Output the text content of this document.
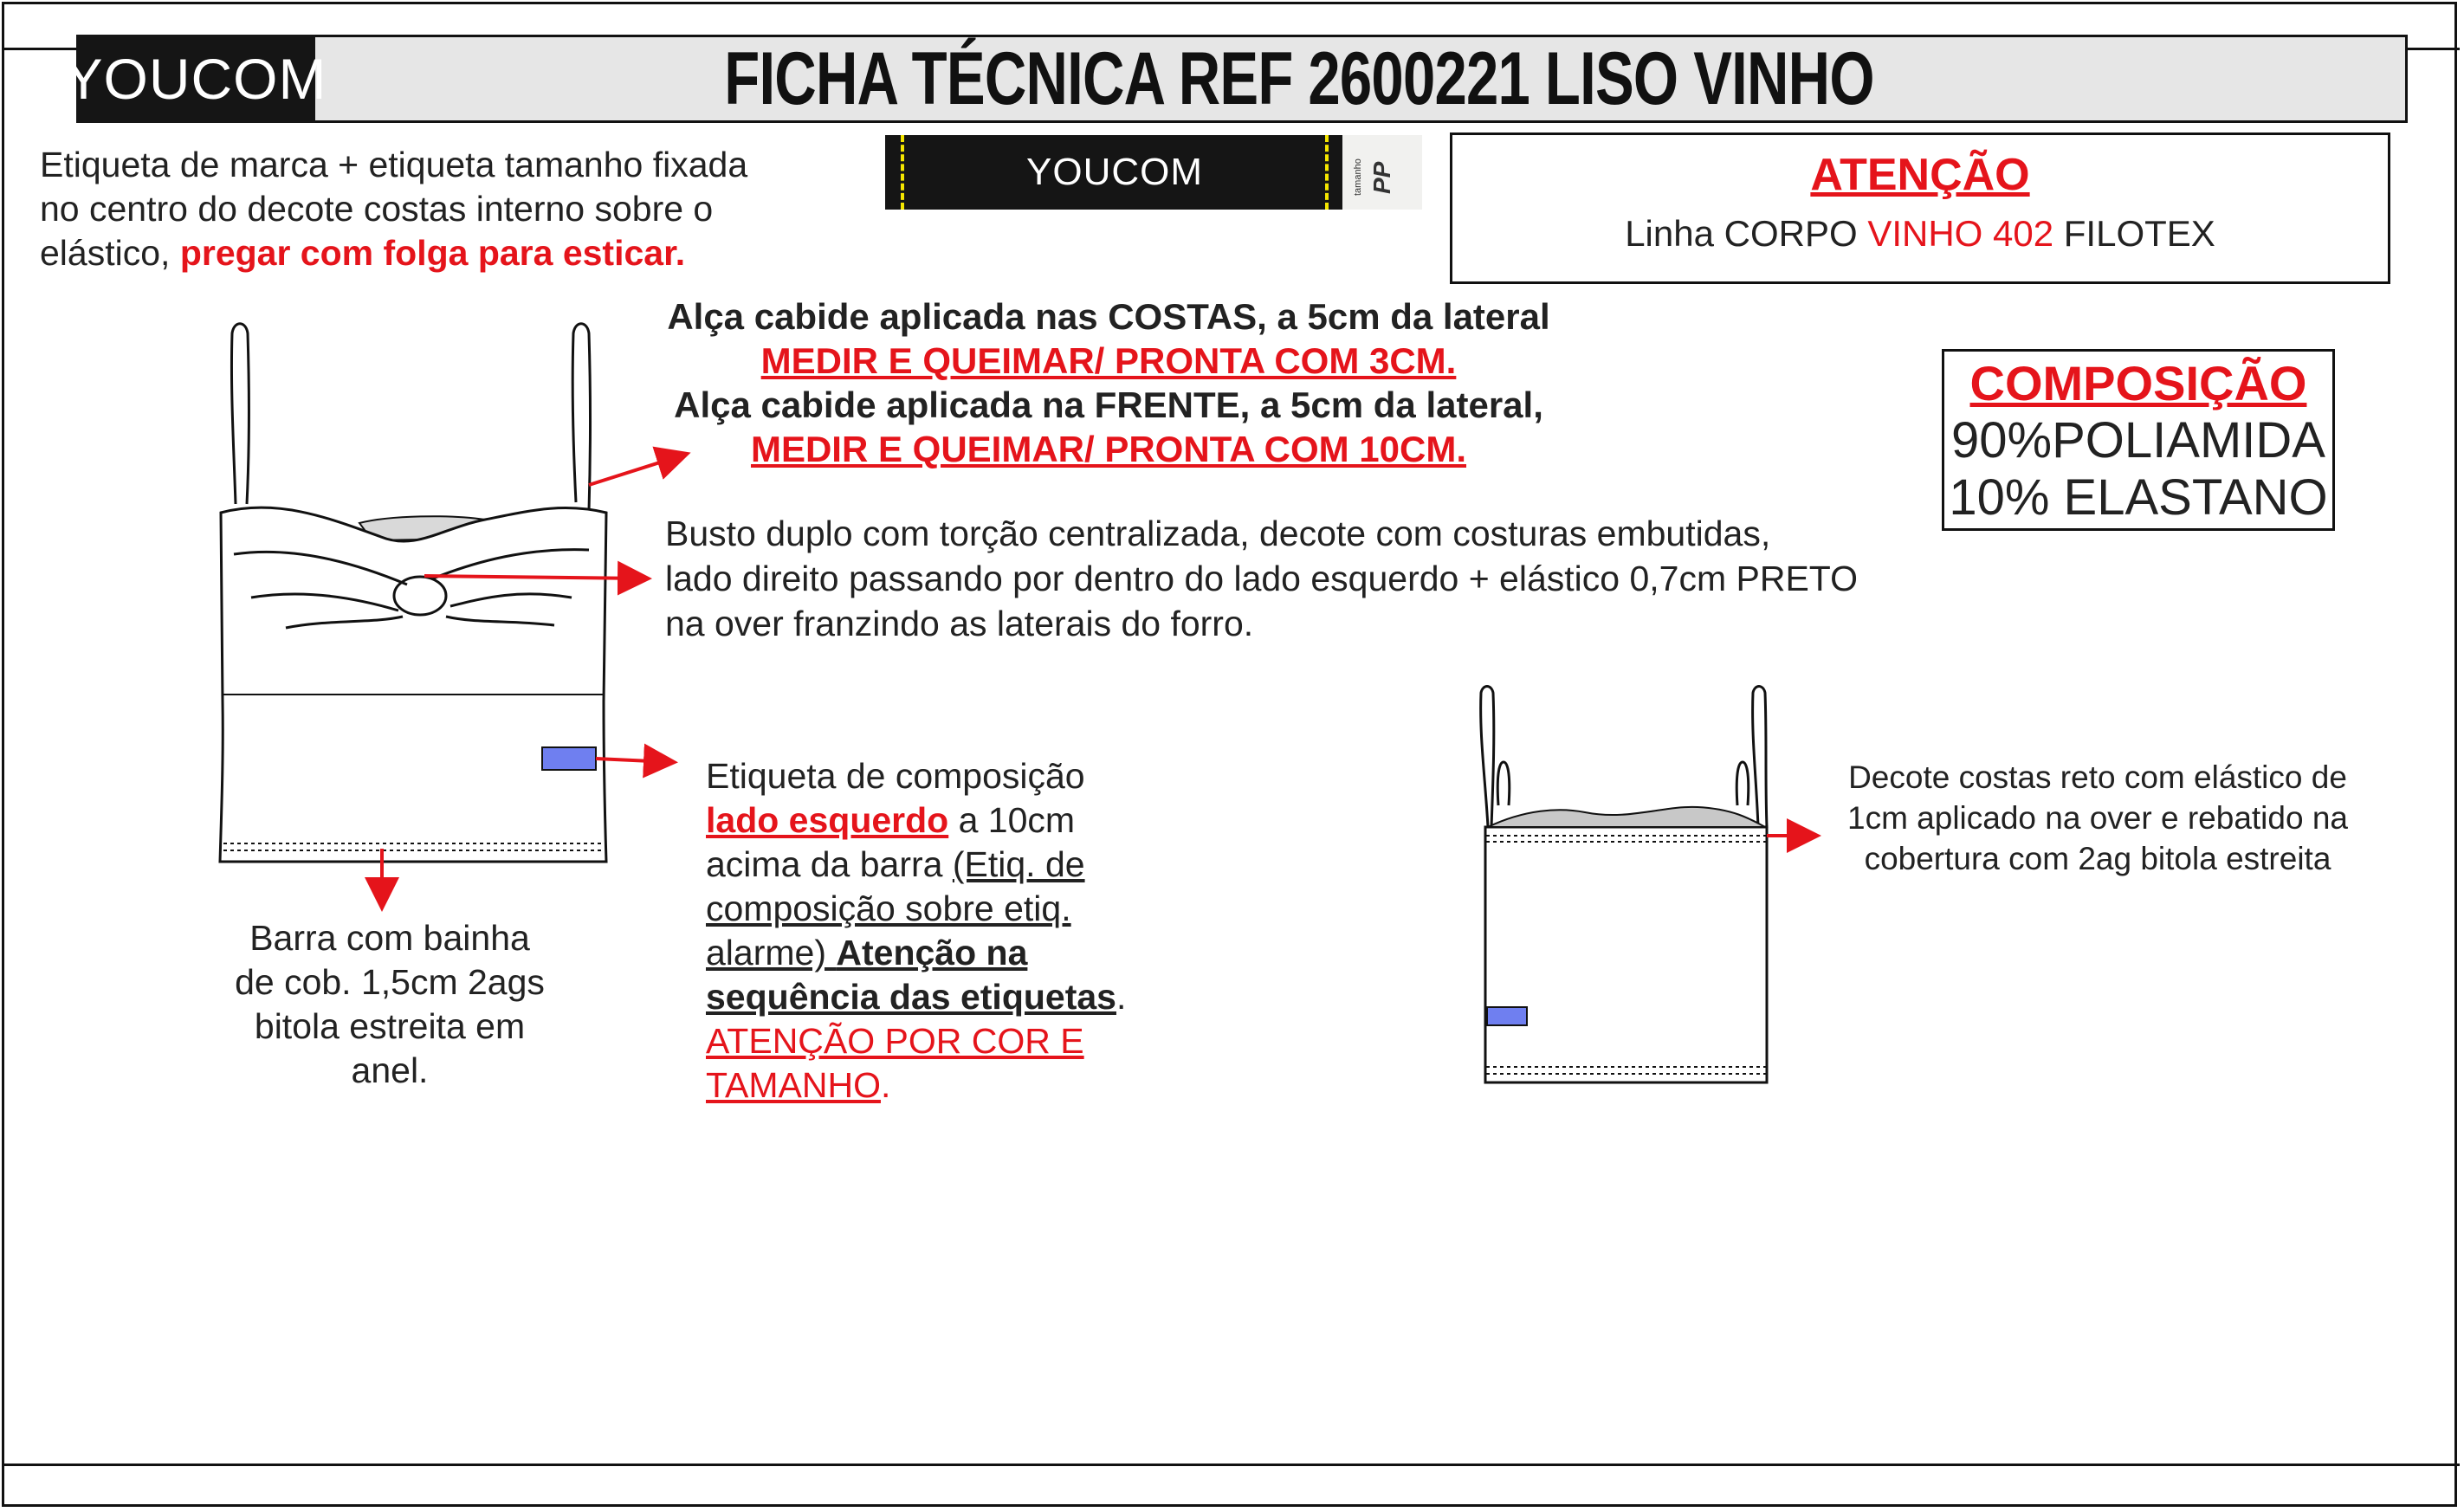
YOUCOM	FICHA TÉCNICA REF 2600221 LISO VINHO
Etiqueta de marca + etiqueta tamanho fixada
no centro do decote costas interno sobre o
elástico, pregar com folga para esticar.
YOUCOM	tamanho PP	ATENÇÃO
Linha CORPO VINHO 402 FILOTEX
COMPOSIÇÃO
90%POLIAMIDA
10% ELASTANO
Alça cabide aplicada nas COSTAS, a 5cm da lateral
MEDIR E QUEIMAR/ PRONTA COM 3CM.
Alça cabide aplicada na FRENTE, a 5cm da lateral,
MEDIR E QUEIMAR/ PRONTA COM 10CM.
Busto duplo com torção centralizada, decote com costuras embutidas,
lado direito passando por dentro do lado esquerdo + elástico 0,7cm PRETO
na over franzindo as laterais do forro.
Etiqueta de composição
lado esquerdo a 10cm
acima da barra (Etiq. de
composição sobre etiq.
alarme) Atenção na
sequência das etiquetas.
ATENÇÃO POR COR E
TAMANHO.
Barra com bainha
de cob. 1,5cm 2ags
bitola estreita em
anel.
Decote costas reto com elástico de
1cm aplicado na over e rebatido na
cobertura com 2ag bitola estreita
